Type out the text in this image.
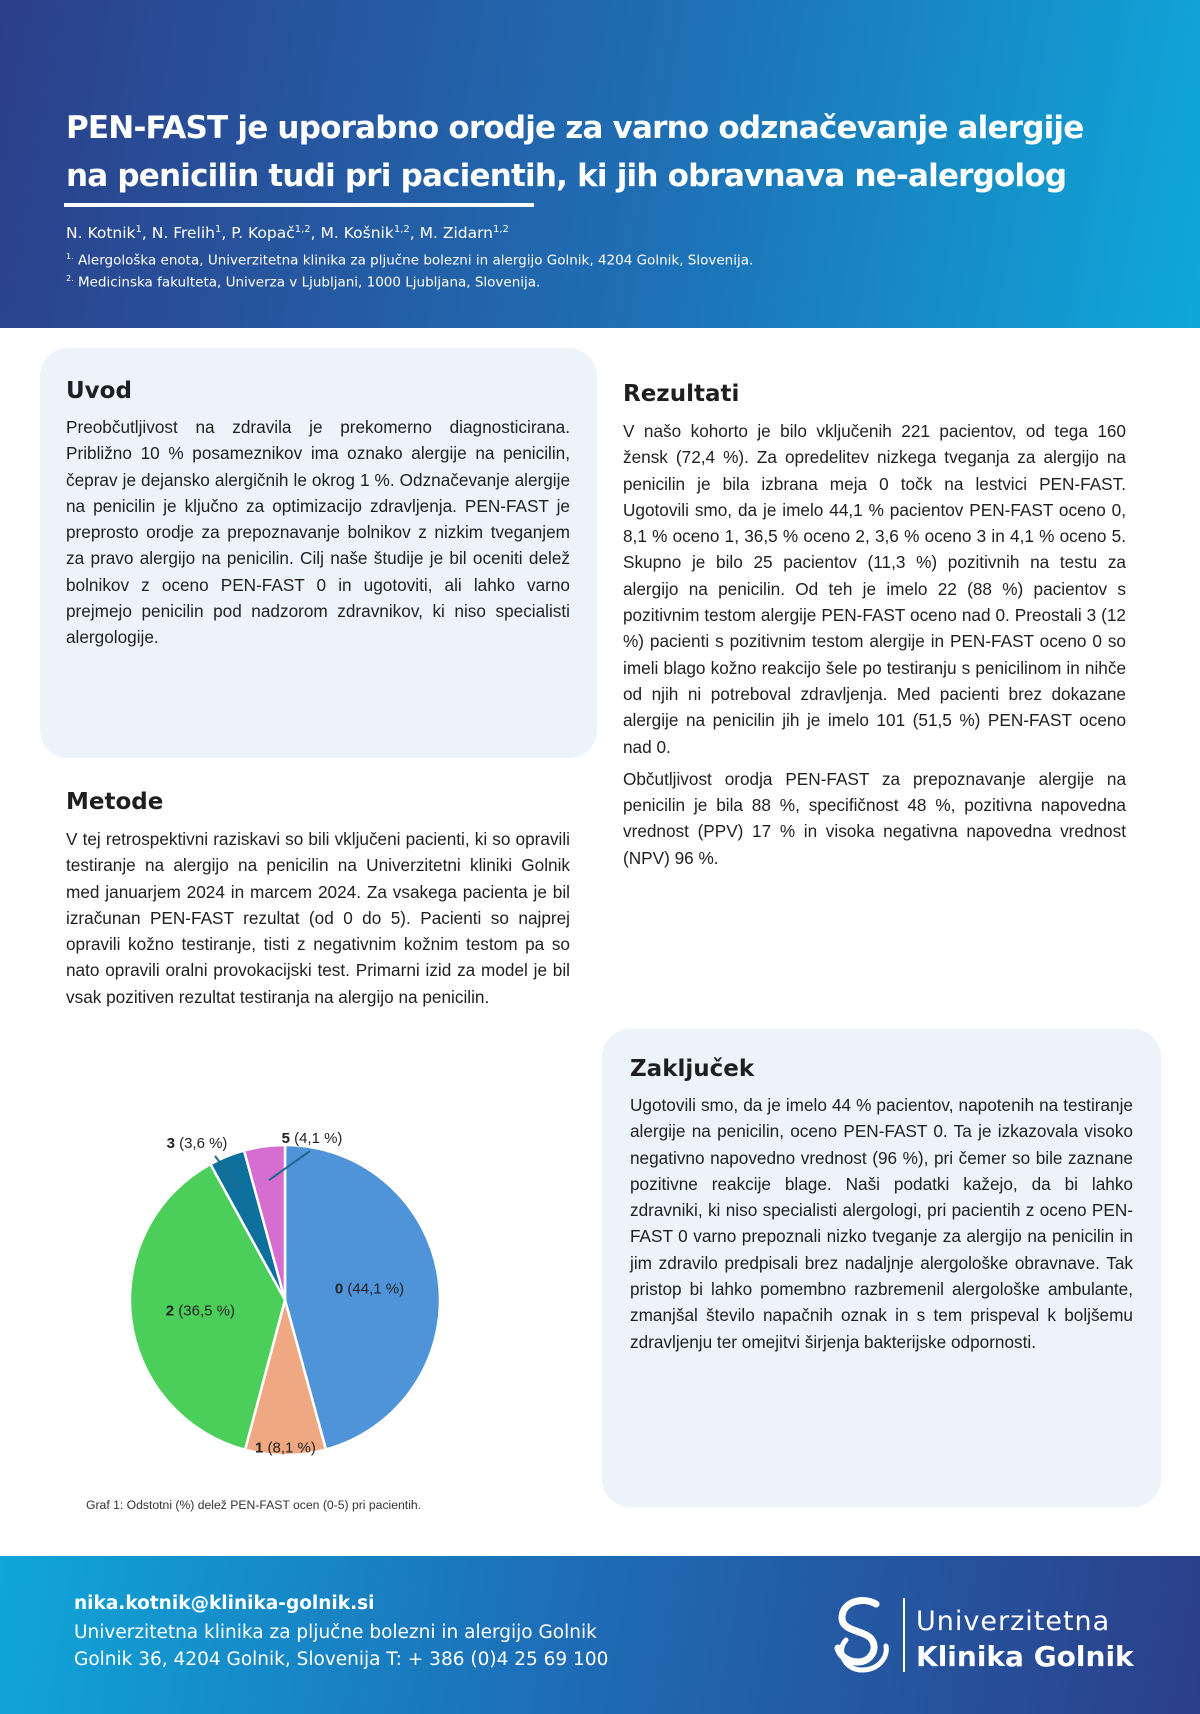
PEN-FAST je uporabno orodje za varno odznačevanje alergije
na penicilin tudi pri pacientih, ki jih obravnava ne-alergolog
N. Kotnik$^1$, N. Frelih$^1$, P. Kopač$^{1,2}$, M. Košnik$^{1,2}$, M. Zidarn$^{1,2}$
$^{1.}$ Alergološka enota, Univerzitetna klinika za pljučne bolezni in alergijo Golnik, 4204 Golnik, Slovenija.
$^{2.}$ Medicinska fakulteta, Univerza v Ljubljani, 1000 Ljubljana, Slovenija.
Uvod
Preobčutljivost na zdravila je prekomerno diagnosticirana. Približno 10 % posameznikov ima oznako alergije na penicilin, čeprav je dejansko alergičnih le okrog 1 %. Odznačevanje alergije na penicilin je ključno za optimizacijo zdravljenja. PEN-FAST je preprosto orodje za prepoznavanje bolnikov z nizkim tveganjem za pravo alergijo na penicilin. Cilj naše študije je bil oceniti delež bolnikov z oceno PEN-FAST 0 in ugotoviti, ali lahko varno prejmejo penicilin pod nadzorom zdravnikov, ki niso specialisti alergologije.
Metode
V tej retrospektivni raziskavi so bili vključeni pacienti, ki so opravili testiranje na alergijo na penicilin na Univerzitetni kliniki Golnik med januarjem 2024 in marcem 2024. Za vsakega pacienta je bil izračunan PEN-FAST rezultat (od 0 do 5). Pacienti so najprej opravili kožno testiranje, tisti z negativnim kožnim testom pa so nato opravili oralni provokacijski test. Primarni izid za model je bil vsak pozitiven rezultat testiranja na alergijo na penicilin.
Rezultati

V našo kohorto je bilo vključenih 221 pacientov, od tega 160 žensk (72,4 %). Za opredelitev nizkega tveganja za alergijo na penicilin je bila izbrana meja 0 točk na lestvici PEN-FAST. Ugotovili smo, da je imelo 44,1 % pacientov PEN-FAST oceno 0, 8,1 % oceno 1, 36,5 % oceno 2, 3,6 % oceno 3 in 4,1 % oceno 5. Skupno je bilo 25 pacientov (11,3 %) pozitivnih na testu za alergijo na penicilin. Od teh je imelo 22 (88 %) pacientov s pozitivnim testom alergije PEN-FAST oceno nad 0. Preostali 3 (12 %) pacienti s pozitivnim testom alergije in PEN-FAST oceno 0 so imeli blago kožno reakcijo šele po testiranju s penicilinom in nihče od njih ni potreboval zdravljenja. Med pacienti brez dokazane alergije na penicilin jih je imelo 101 (51,5 %) PEN-FAST oceno nad 0.

Občutljivost orodja PEN-FAST za prepoznavanje alergije na penicilin je bila 88 %, specifičnost 48 %, pozitivna napovedna vrednost (PPV) 17 % in visoka negativna napovedna vrednost (NPV) 96 %.

Zaključek
Ugotovili smo, da je imelo 44 % pacientov, napotenih na testiranje alergije na penicilin, oceno PEN-FAST 0. Ta je izkazovala visoko negativno napovedno vrednost (96 %), pri čemer so bile zaznane pozitivne reakcije blage. Naši podatki kažejo, da bi lahko zdravniki, ki niso specialisti alergologi, pri pacientih z oceno PEN-FAST 0 varno prepoznali nizko tveganje za alergijo na penicilin in jim zdravilo predpisali brez nadaljnje alergološke obravnave. Tak pristop bi lahko pomembno razbremenil alergološke ambulante, zmanjšal število napačnih oznak in s tem prispeval k boljšemu zdravljenju ter omejitvi širjenja bakterijske odpornosti.
0 (44,1 %)
1 (8,1 %)
2 (36,5 %)
3 (3,6 %)	5 (4,1 %)
Graf 1: Odstotni (%) delež PEN-FAST ocen (0-5) pri pacientih.
nika.kotnik@klinika-golnik.si
Univerzitetna klinika za pljučne bolezni in alergijo Golnik
Golnik 36, 4204 Golnik, Slovenija T: + 386 (0)4 25 69 100
Univerzitetna
Klinika Golnik
